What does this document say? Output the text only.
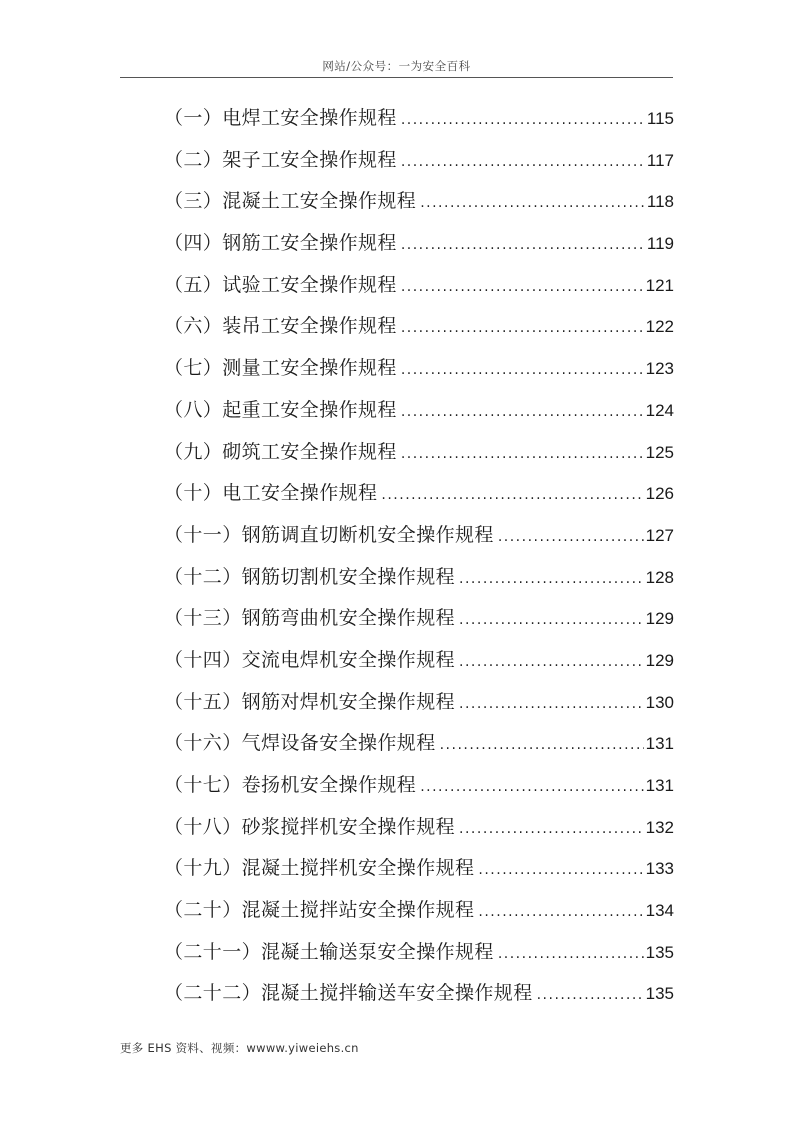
网站/公众号：一为安全百科
（一）电焊工安全操作规程 .....	115
（二）架子工安全操作规程 .....	117
（三）混凝土工安全操作规程 .....	118
（四）钢筋工安全操作规程 .....	119
（五）试验工安全操作规程 .....	121
（六）装吊工安全操作规程 .....	122
（七）测量工安全操作规程 .....	123
（八）起重工安全操作规程 .....	124
（九）砌筑工安全操作规程 .....	125
（十）电工安全操作规程 .....	126
（十一）钢筋调直切断机安全操作规程 .....	127
（十二）钢筋切割机安全操作规程 .....	128
（十三）钢筋弯曲机安全操作规程 .....	129
（十四）交流电焊机安全操作规程 .....	129
（十五）钢筋对焊机安全操作规程 .....	130
（十六）气焊设备安全操作规程 .....	131
（十七）卷扬机安全操作规程 .....	131
（十八）砂浆搅拌机安全操作规程 .....	132
（十九）混凝土搅拌机安全操作规程 .....	133
（二十）混凝土搅拌站安全操作规程 .....	134
（二十一）混凝土输送泵安全操作规程 .....	135
（二十二）混凝土搅拌输送车安全操作规程 .....	135
更多 EHS 资料、视频：wwww.yiweiehs.cn
